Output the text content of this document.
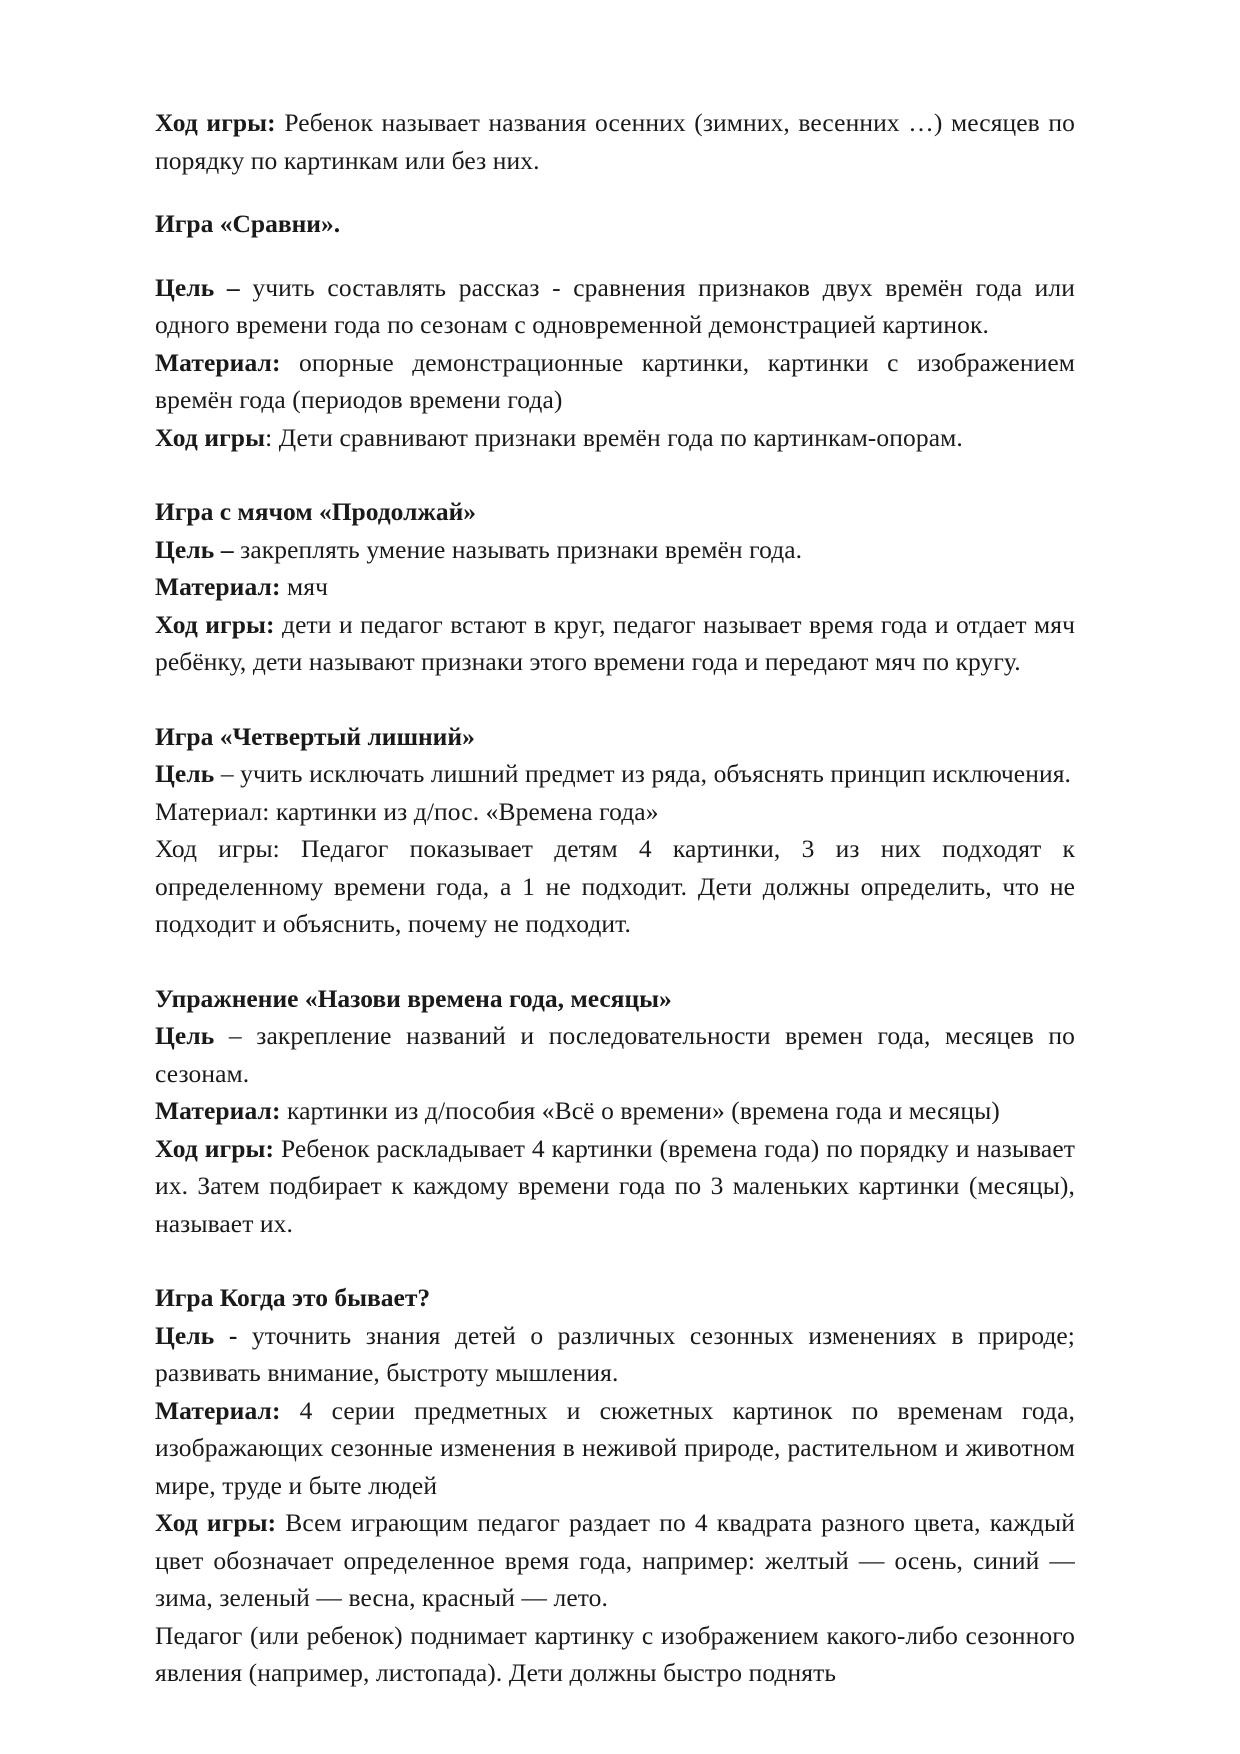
Ход игры: Ребенок называет названия осенних (зимних, весенних …) месяцев по порядку по картинкам или без них.

Игра «Сравни».

Цель – учить составлять рассказ - сравнения признаков двух времён года или одного времени года по сезонам с одновременной демонстрацией картинок.

Материал: опорные демонстрационные картинки, картинки с изображением времён года (периодов времени года)

Ход игры: Дети сравнивают признаки времён года по картинкам-опорам.

Игра с мячом «Продолжай»

Цель – закреплять умение называть признаки времён года.

Материал: мяч

Ход игры: дети и педагог встают в круг, педагог называет время года и отдает мяч ребёнку, дети называют признаки этого времени года и передают мяч по кругу.

Игра «Четвертый лишний»

Цель – учить исключать лишний предмет из ряда, объяснять принцип исключения.

Материал: картинки из д/пос. «Времена года»

Ход игры: Педагог показывает детям 4 картинки, 3 из них подходят к определенному времени года, а 1 не подходит. Дети должны определить, что не подходит и объяснить, почему не подходит.

Упражнение «Назови времена года, месяцы»

Цель – закрепление названий и последовательности времен года, месяцев по сезонам.

Материал: картинки из д/пособия «Всё о времени» (времена года и месяцы)

Ход игры: Ребенок раскладывает 4 картинки (времена года) по порядку и называет их. Затем подбирает к каждому времени года по 3 маленьких картинки (месяцы), называет их.

Игра Когда это бывает?

Цель - уточнить знания детей о различных сезонных изменениях в природе; развивать внимание, быстроту мышления.

Материал: 4 серии предметных и сюжетных картинок по временам года, изображающих сезонные изменения в неживой природе, растительном и животном мире, труде и быте людей

Ход игры: Всем играющим педагог раздает по 4 квадрата разного цвета, каждый цвет обозначает определенное время года, например: желтый — осень, синий — зима, зеленый — весна, красный — лето.

Педагог (или ребенок) поднимает картинку с изображением какого-либо сезонного явления (например, листопада). Дети должны быстро поднять
